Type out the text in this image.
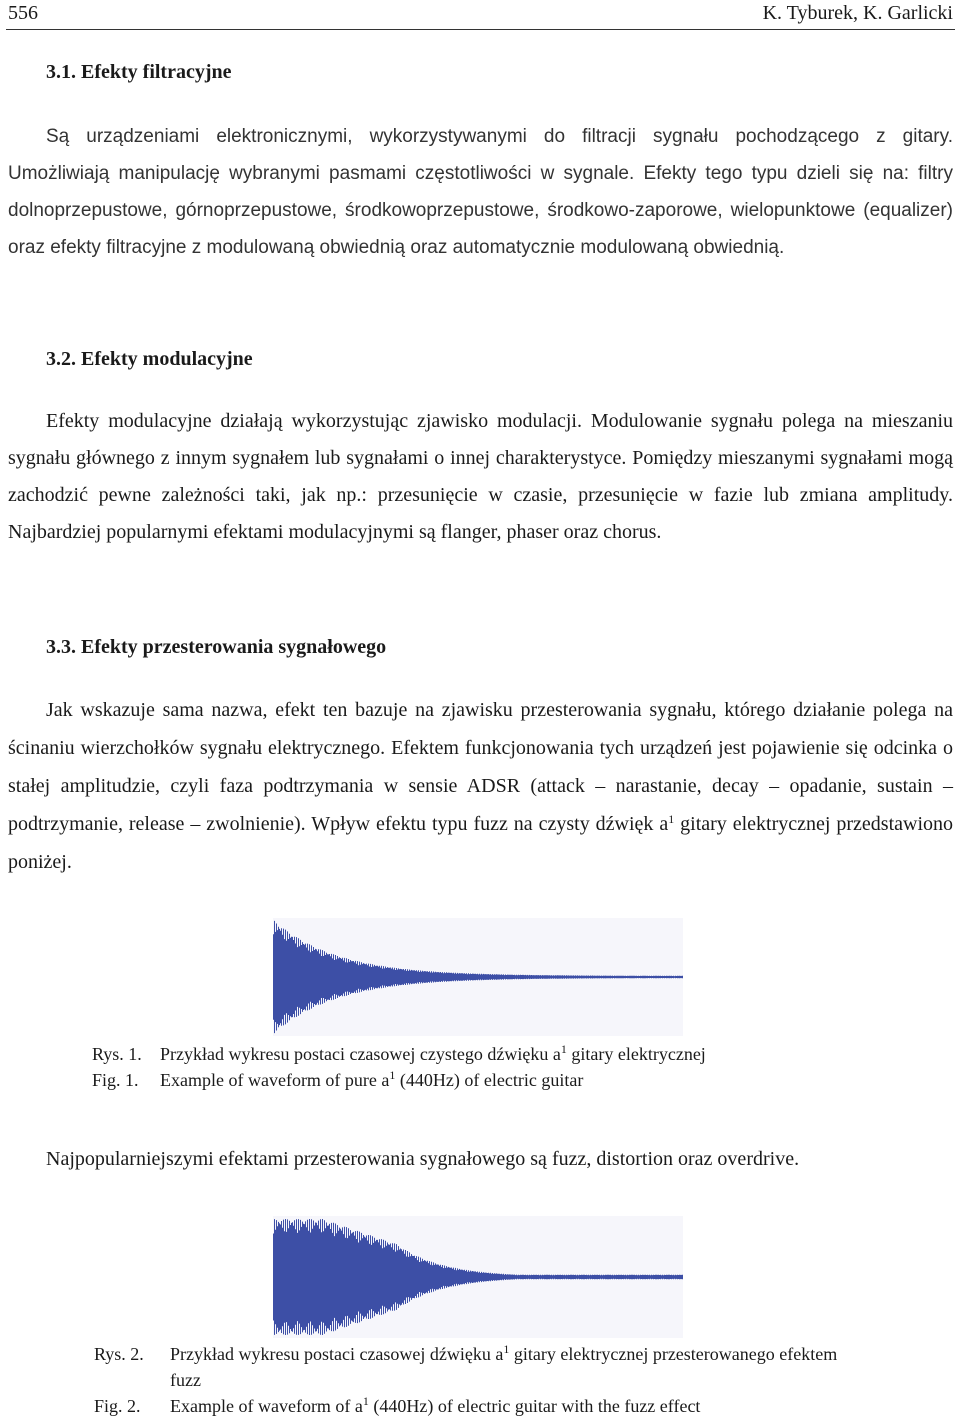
556	K. Tyburek, K. Garlicki
3.1. Efekty filtracyjne

Są urządzeniami elektronicznymi, wykorzystywanymi do filtracji sygnału pochodzącego z gitary. Umożliwiają manipulację wybranymi pasmami częstotliwości w sygnale. Efekty tego typu dzieli się na: filtry dolnoprzepustowe, górnoprzepustowe, środkowoprzepustowe, środkowo-zaporowe, wielopunktowe (equalizer) oraz efekty filtracyjne z modulowaną obwiednią oraz automatycznie modulowaną obwiednią.

3.2. Efekty modulacyjne

Efekty modulacyjne działają wykorzystując zjawisko modulacji. Modulowanie sygnału polega na mieszaniu sygnału głównego z innym sygnałem lub sygnałami o innej charakterystyce. Pomiędzy mieszanymi sygnałami mogą zachodzić pewne zależności taki, jak np.: przesunięcie w czasie, przesunięcie w fazie lub zmiana amplitudy. Najbardziej popularnymi efektami modulacyjnymi są flanger, phaser oraz chorus.

3.3. Efekty przesterowania sygnałowego

Jak wskazuje sama nazwa, efekt ten bazuje na zjawisku przesterowania sygnału, którego działanie polega na ścinaniu wierzchołków sygnału elektrycznego. Efektem funkcjonowania tych urządzeń jest pojawienie się odcinka o stałej amplitudzie, czyli faza podtrzymania w sensie ADSR (attack – narastanie, decay – opadanie, sustain – podtrzymanie, release – zwolnienie). Wpływ efektu typu fuzz na czysty dźwięk $a^1$ gitary elektrycznej przedstawiono poniżej.

Rys. 1. Przykład wykresu postaci czasowej czystego dźwięku $a^1$ gitary elektrycznej
Fig. 1. Example of waveform of pure $a^1$ (440Hz) of electric guitar

Najpopularniejszymi efektami przesterowania sygnałowego są fuzz, distortion oraz overdrive.

Rys. 2.	Przykład wykresu postaci czasowej dźwięku $a^1$ gitary elektrycznej przesterowanego efektem fuzz
Fig. 2. Example of waveform of $a^1$ (440Hz) of electric guitar with the fuzz effect
